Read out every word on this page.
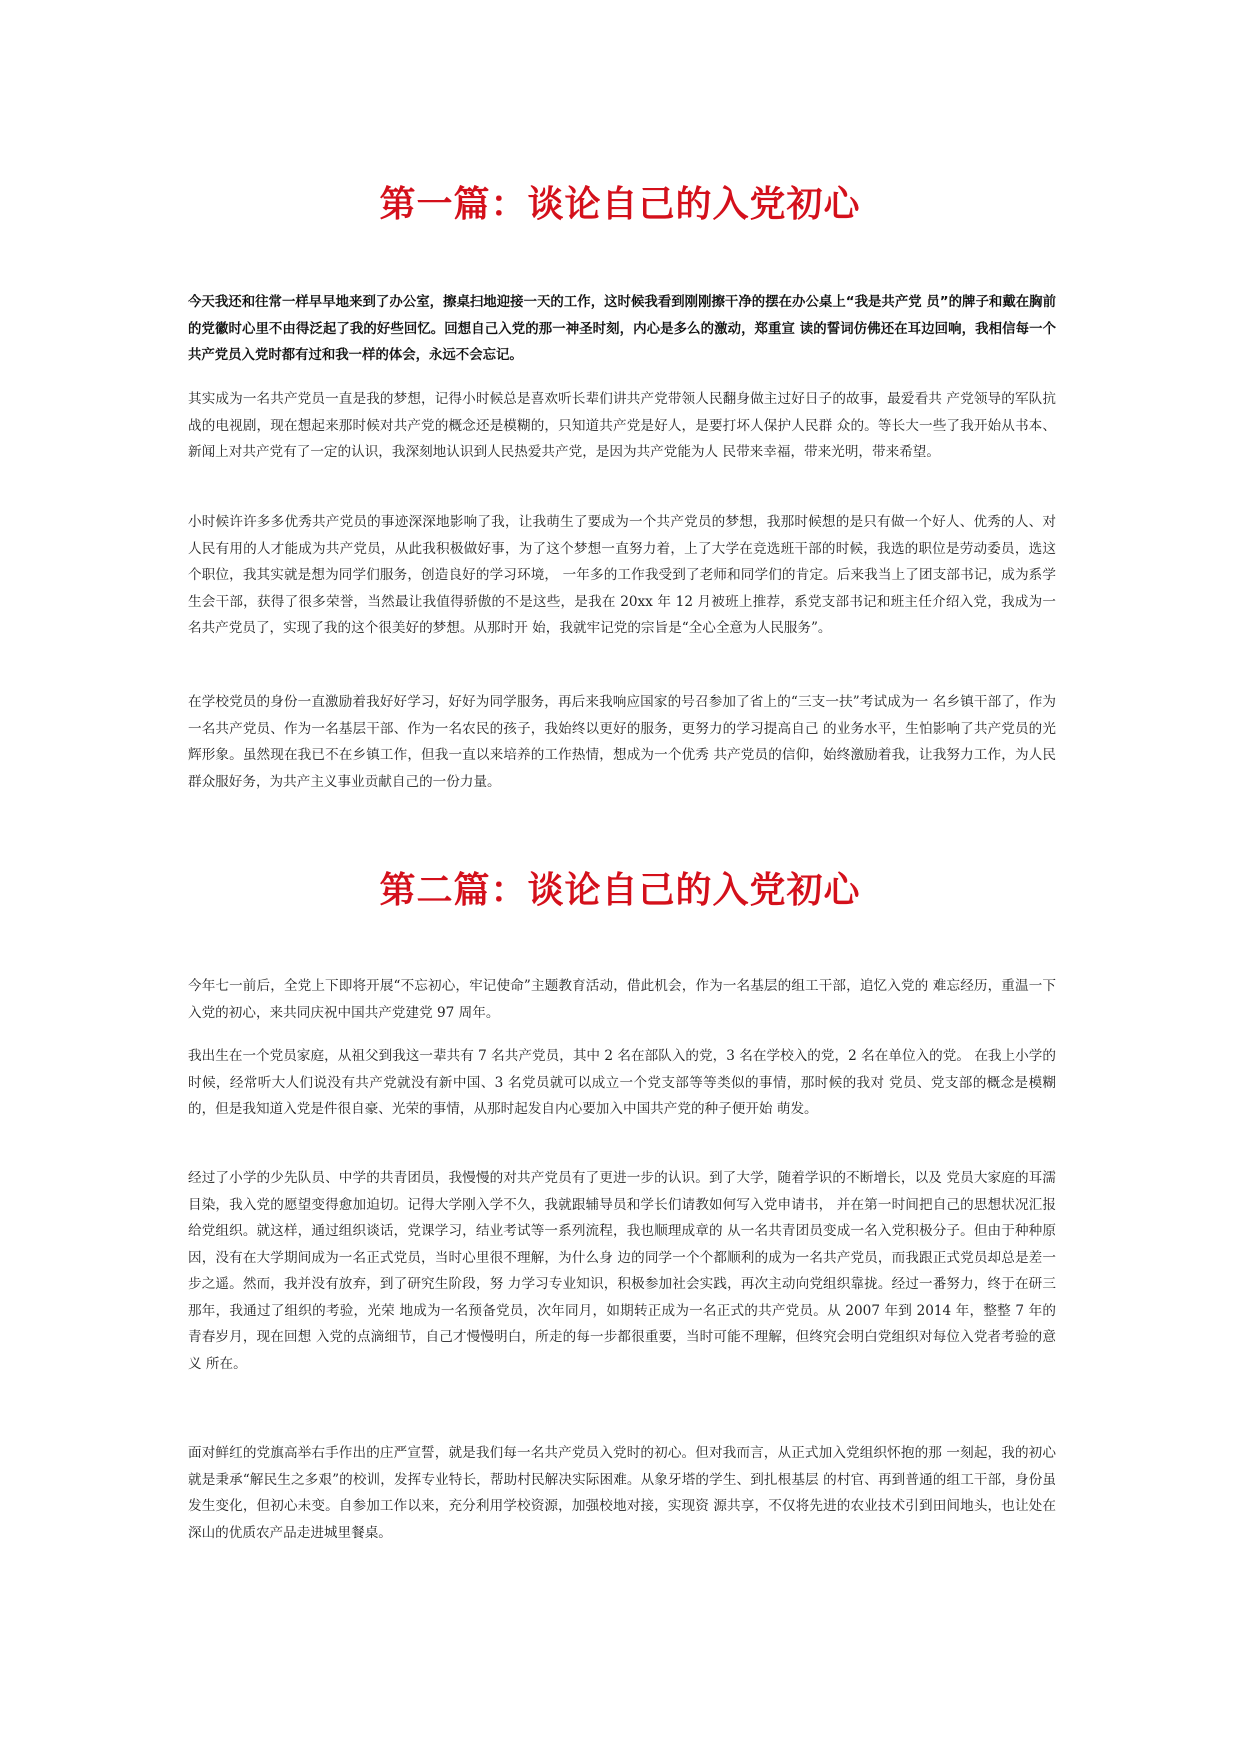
第一篇：谈论自己的入党初心

今天我还和往常一样早早地来到了办公室，擦桌扫地迎接一天的工作，这时候我看到刚刚擦干净的摆在办公桌上“我是共产党 员”的牌子和戴在胸前的党徽时心里不由得泛起了我的好些回忆。回想自己入党的那一神圣时刻，内心是多么的激动，郑重宣 读的誓词仿佛还在耳边回响，我相信每一个共产党员入党时都有过和我一样的体会，永远不会忘记。

其实成为一名共产党员一直是我的梦想，记得小时候总是喜欢听长辈们讲共产党带领人民翻身做主过好日子的故事，最爱看共 产党领导的军队抗战的电视剧，现在想起来那时候对共产党的概念还是模糊的，只知道共产党是好人，是要打坏人保护人民群 众的。等长大一些了我开始从书本、新闻上对共产党有了一定的认识，我深刻地认识到人民热爱共产党，是因为共产党能为人 民带来幸福，带来光明，带来希望。

小时候许许多多优秀共产党员的事迹深深地影响了我，让我萌生了要成为一个共产党员的梦想，我那时候想的是只有做一个好人、优秀的人、对人民有用的人才能成为共产党员，从此我积极做好事，为了这个梦想一直努力着，上了大学在竞选班干部的时候，我选的职位是劳动委员，选这个职位，我其实就是想为同学们服务，创造良好的学习环境， 一年多的工作我受到了老师和同学们的肯定。后来我当上了团支部书记，成为系学生会干部，获得了很多荣誉，当然最让我值得骄傲的不是这些，是我在 20xx 年 12 月被班上推荐，系党支部书记和班主任介绍入党，我成为一名共产党员了，实现了我的这个很美好的梦想。从那时开 始，我就牢记党的宗旨是“全心全意为人民服务”。

在学校党员的身份一直激励着我好好学习，好好为同学服务，再后来我响应国家的号召参加了省上的“三支一扶”考试成为一 名乡镇干部了，作为一名共产党员、作为一名基层干部、作为一名农民的孩子，我始终以更好的服务，更努力的学习提高自己 的业务水平，生怕影响了共产党员的光辉形象。虽然现在我已不在乡镇工作，但我一直以来培养的工作热情，想成为一个优秀 共产党员的信仰，始终激励着我，让我努力工作，为人民群众服好务，为共产主义事业贡献自己的一份力量。

第二篇：谈论自己的入党初心

今年七一前后，全党上下即将开展“不忘初心，牢记使命”主题教育活动，借此机会，作为一名基层的组工干部，追忆入党的 难忘经历，重温一下入党的初心，来共同庆祝中国共产党建党 97 周年。

我出生在一个党员家庭，从祖父到我这一辈共有 7 名共产党员，其中 2 名在部队入的党，3 名在学校入的党，2 名在单位入的党。 在我上小学的时候，经常听大人们说没有共产党就没有新中国、3 名党员就可以成立一个党支部等等类似的事情，那时候的我对 党员、党支部的概念是模糊的，但是我知道入党是件很自豪、光荣的事情，从那时起发自内心要加入中国共产党的种子便开始 萌发。

经过了小学的少先队员、中学的共青团员，我慢慢的对共产党员有了更进一步的认识。到了大学，随着学识的不断增长，以及 党员大家庭的耳濡目染，我入党的愿望变得愈加迫切。记得大学刚入学不久，我就跟辅导员和学长们请教如何写入党申请书， 并在第一时间把自己的思想状况汇报给党组织。就这样，通过组织谈话，党课学习，结业考试等一系列流程，我也顺理成章的 从一名共青团员变成一名入党积极分子。但由于种种原因，没有在大学期间成为一名正式党员，当时心里很不理解，为什么身 边的同学一个个都顺利的成为一名共产党员，而我跟正式党员却总是差一步之遥。然而，我并没有放弃，到了研究生阶段，努 力学习专业知识，积极参加社会实践，再次主动向党组织靠拢。经过一番努力，终于在研三那年，我通过了组织的考验，光荣 地成为一名预备党员，次年同月，如期转正成为一名正式的共产党员。从 2007 年到 2014 年，整整 7 年的青春岁月，现在回想 入党的点滴细节，自己才慢慢明白，所走的每一步都很重要，当时可能不理解，但终究会明白党组织对每位入党者考验的意义 所在。

面对鲜红的党旗高举右手作出的庄严宣誓，就是我们每一名共产党员入党时的初心。但对我而言，从正式加入党组织怀抱的那 一刻起，我的初心就是秉承“解民生之多艰”的校训，发挥专业特长，帮助村民解决实际困难。从象牙塔的学生、到扎根基层 的村官、再到普通的组工干部，身份虽发生变化，但初心未变。自参加工作以来，充分利用学校资源，加强校地对接，实现资 源共享，不仅将先进的农业技术引到田间地头，也让处在深山的优质农产品走进城里餐桌。
